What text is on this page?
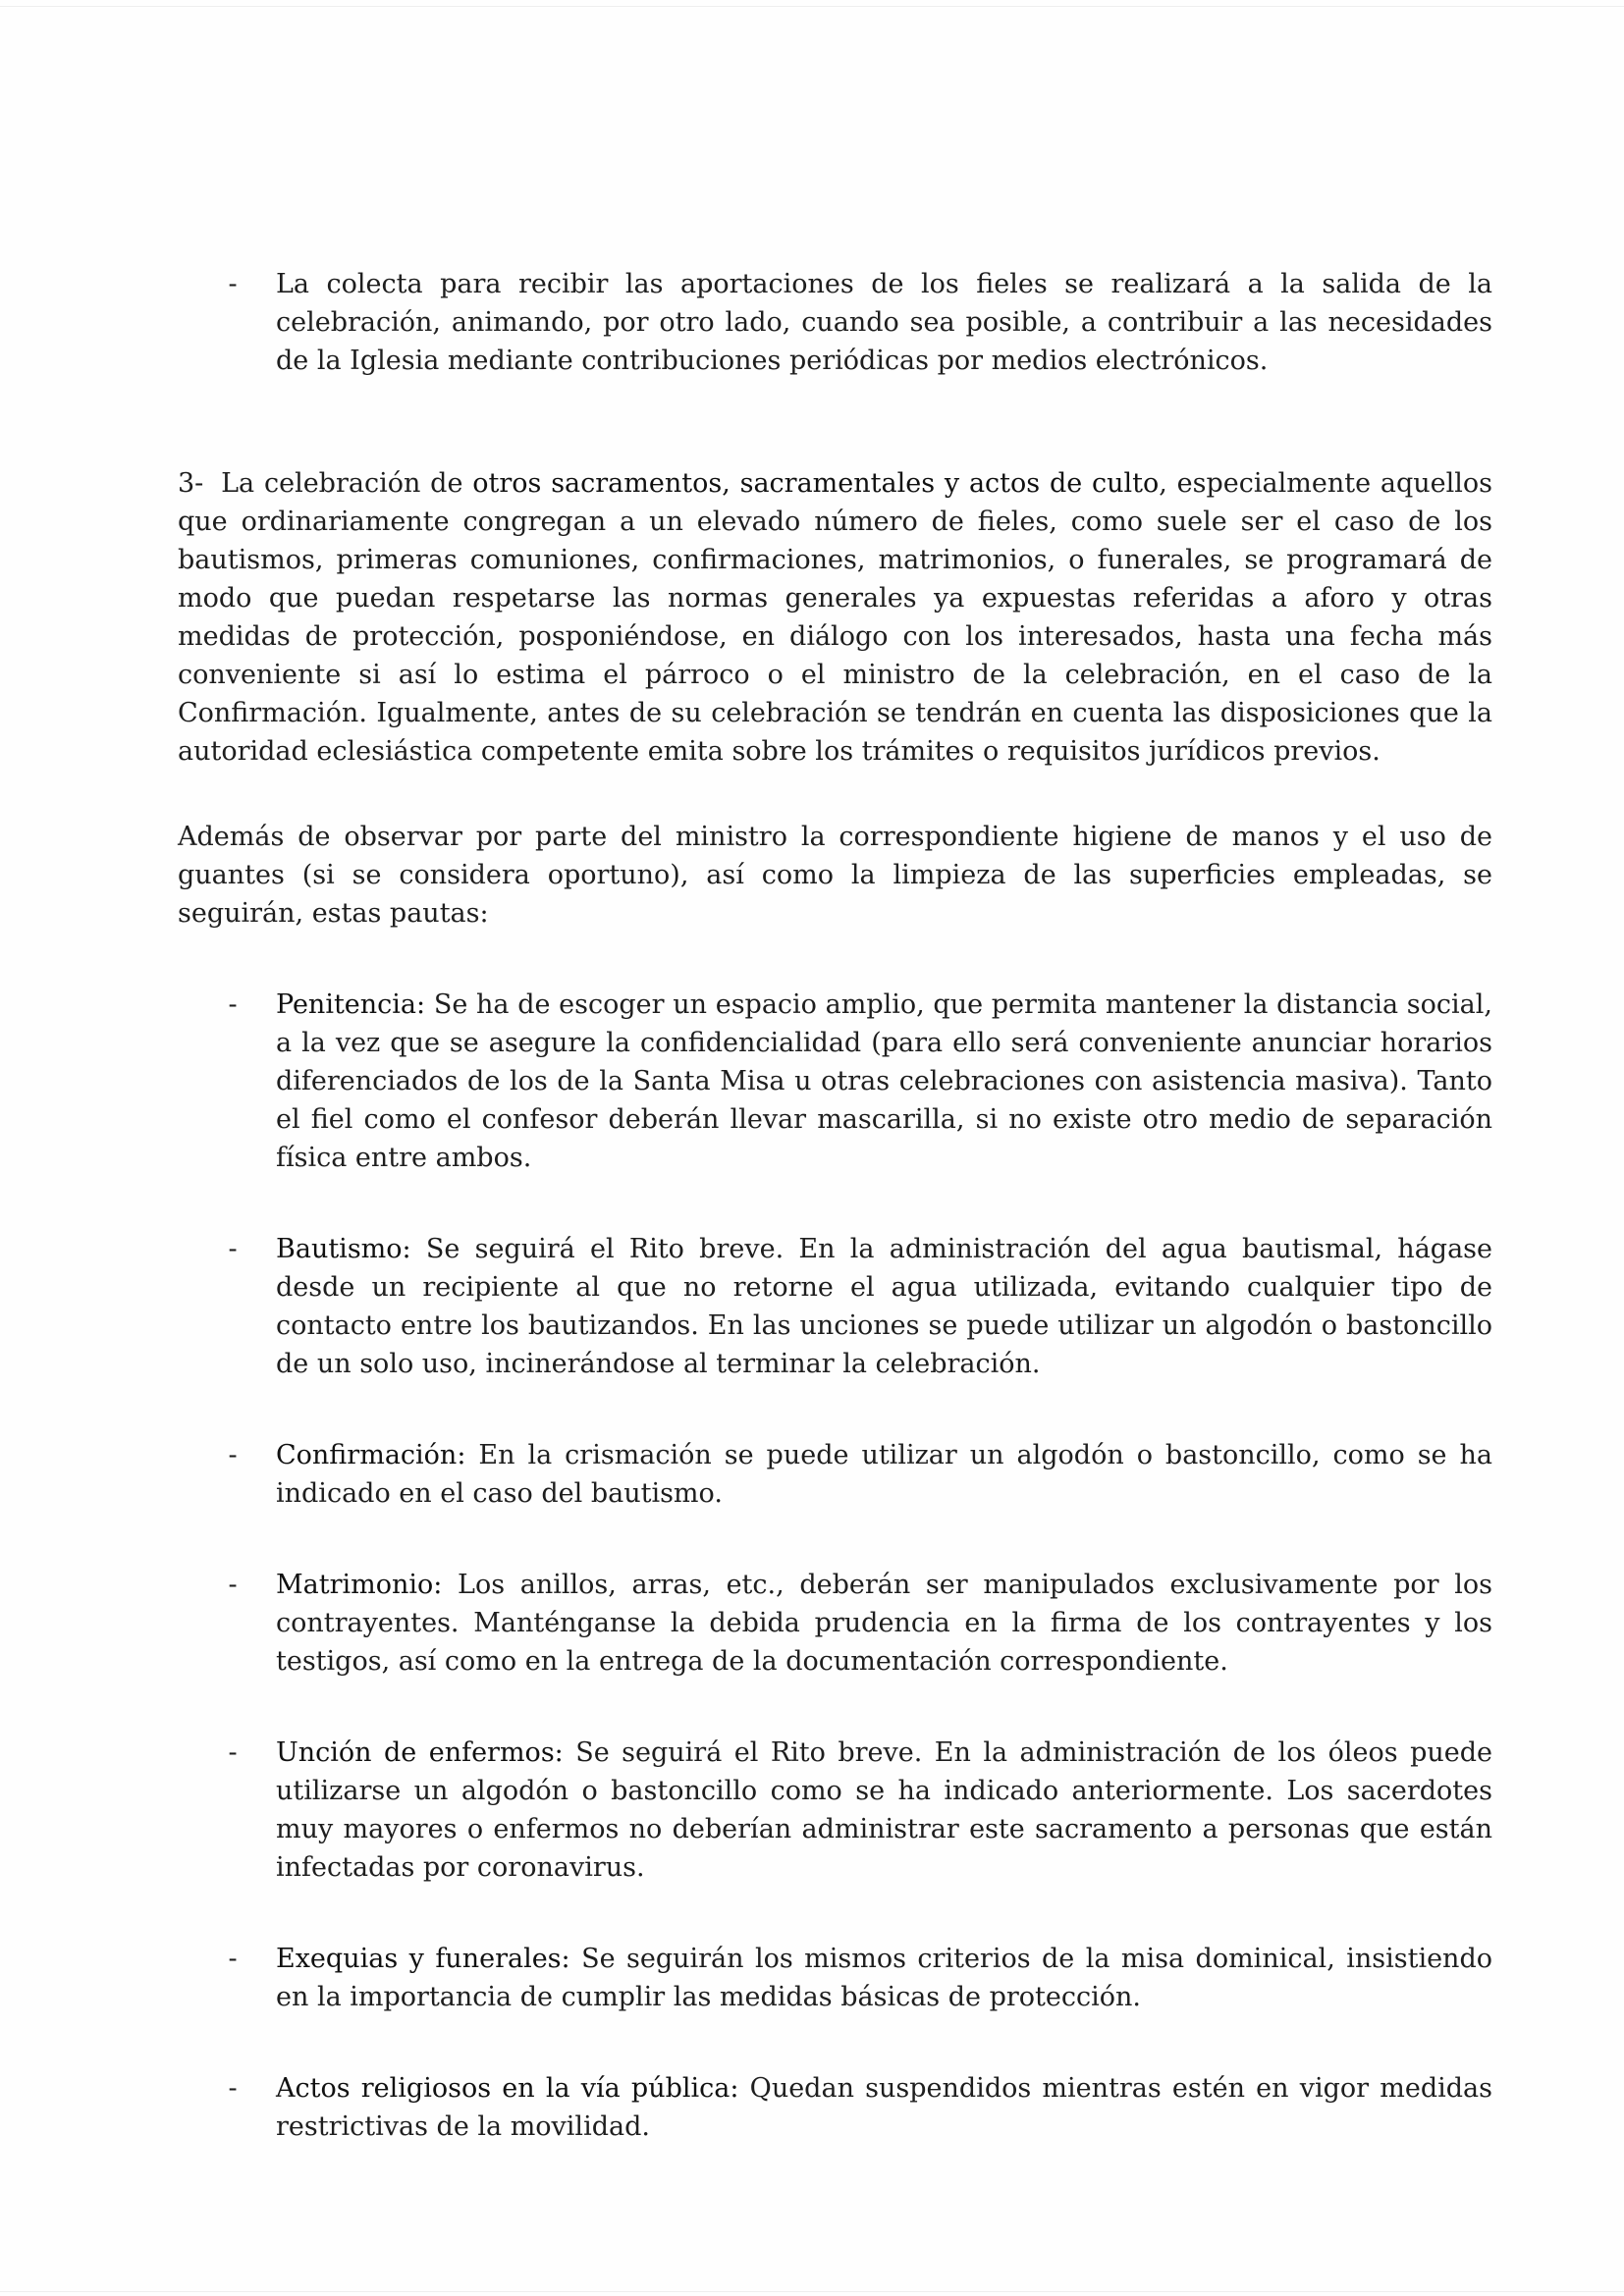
- La colecta para recibir las aportaciones de los fieles se realizará a la salida de la celebración, animando, por otro lado, cuando sea posible, a contribuir a las necesidades de la Iglesia mediante contribuciones periódicas por medios electrónicos.

3- La celebración de otros sacramentos, sacramentales y actos de culto, especialmente aquellos que ordinariamente congregan a un elevado número de fieles, como suele ser el caso de los bautismos, primeras comuniones, confirmaciones, matrimonios, o funerales, se programará de modo que puedan respetarse las normas generales ya expuestas referidas a aforo y otras medidas de protección, posponiéndose, en diálogo con los interesados, hasta una fecha más conveniente si así lo estima el párroco o el ministro de la celebración, en el caso de la Confirmación. Igualmente, antes de su celebración se tendrán en cuenta las disposiciones que la autoridad eclesiástica competente emita sobre los trámites o requisitos jurídicos previos.

Además de observar por parte del ministro la correspondiente higiene de manos y el uso de guantes (si se considera oportuno), así como la limpieza de las superficies empleadas, se seguirán, estas pautas:

- Penitencia: Se ha de escoger un espacio amplio, que permita mantener la distancia social, a la vez que se asegure la confidencialidad (para ello será conveniente anunciar horarios diferenciados de los de la Santa Misa u otras celebraciones con asistencia masiva). Tanto el fiel como el confesor deberán llevar mascarilla, si no existe otro medio de separación física entre ambos.

- Bautismo: Se seguirá el Rito breve. En la administración del agua bautismal, hágase desde un recipiente al que no retorne el agua utilizada, evitando cualquier tipo de contacto entre los bautizandos. En las unciones se puede utilizar un algodón o bastoncillo de un solo uso, incinerándose al terminar la celebración.

- Confirmación: En la crismación se puede utilizar un algodón o bastoncillo, como se ha indicado en el caso del bautismo.

- Matrimonio: Los anillos, arras, etc., deberán ser manipulados exclusivamente por los contrayentes. Manténganse la debida prudencia en la firma de los contrayentes y los testigos, así como en la entrega de la documentación correspondiente.

- Unción de enfermos: Se seguirá el Rito breve. En la administración de los óleos puede utilizarse un algodón o bastoncillo como se ha indicado anteriormente. Los sacerdotes muy mayores o enfermos no deberían administrar este sacramento a personas que están infectadas por coronavirus.

- Exequias y funerales: Se seguirán los mismos criterios de la misa dominical, insistiendo en la importancia de cumplir las medidas básicas de protección.

- Actos religiosos en la vía pública: Quedan suspendidos mientras estén en vigor medidas restrictivas de la movilidad.
